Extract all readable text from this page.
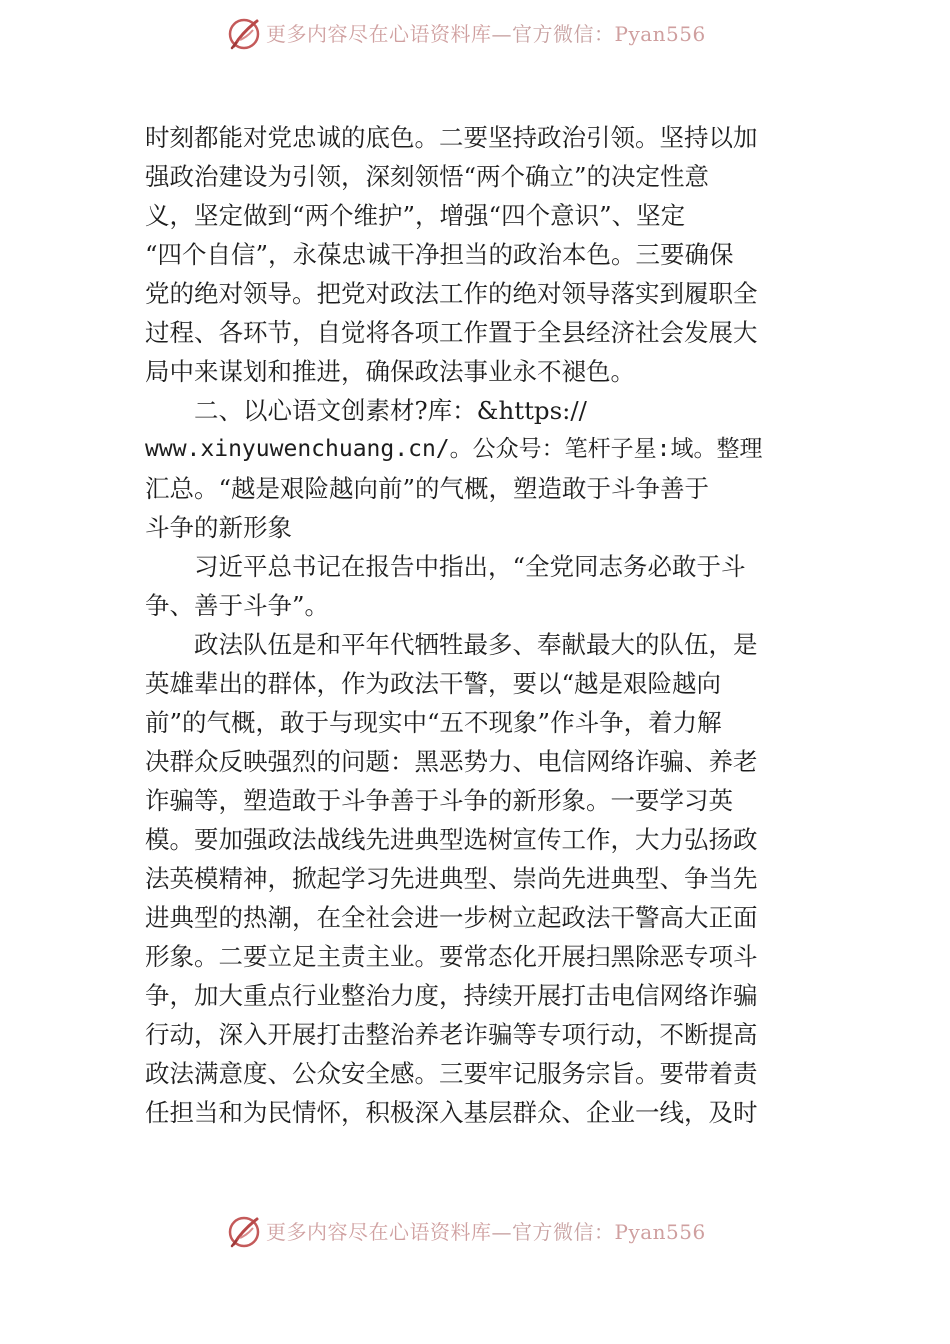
更多内容尽在心语资料库—官方微信：Pyan556
时刻都能对党忠诚的底色。二要坚持政治引领。坚持以加
强政治建设为引领，深刻领悟“两个确立”的决定性意
义，坚定做到“两个维护”，增强“四个意识”、坚定
“四个自信”，永葆忠诚干净担当的政治本色。三要确保
党的绝对领导。把党对政法工作的绝对领导落实到履职全
过程、各环节，自觉将各项工作置于全县经济社会发展大
局中来谋划和推进，确保政法事业永不褪色。
二、以心语文创素材?库：&https://
www.xinyuwenchuang.cn/。公众号：笔杆子星:域。整理
汇总。“越是艰险越向前”的气概，塑造敢于斗争善于
斗争的新形象
习近平总书记在报告中指出，“全党同志务必敢于斗
争、善于斗争”。
政法队伍是和平年代牺牲最多、奉献最大的队伍，是
英雄辈出的群体，作为政法干警，要以“越是艰险越向
前”的气概，敢于与现实中“五不现象”作斗争，着力解
决群众反映强烈的问题：黑恶势力、电信网络诈骗、养老
诈骗等，塑造敢于斗争善于斗争的新形象。一要学习英
模。要加强政法战线先进典型选树宣传工作，大力弘扬政
法英模精神，掀起学习先进典型、崇尚先进典型、争当先
进典型的热潮，在全社会进一步树立起政法干警高大正面
形象。二要立足主责主业。要常态化开展扫黑除恶专项斗
争，加大重点行业整治力度，持续开展打击电信网络诈骗
行动，深入开展打击整治养老诈骗等专项行动，不断提高
政法满意度、公众安全感。三要牢记服务宗旨。要带着责
任担当和为民情怀，积极深入基层群众、企业一线，及时
更多内容尽在心语资料库—官方微信：Pyan556
